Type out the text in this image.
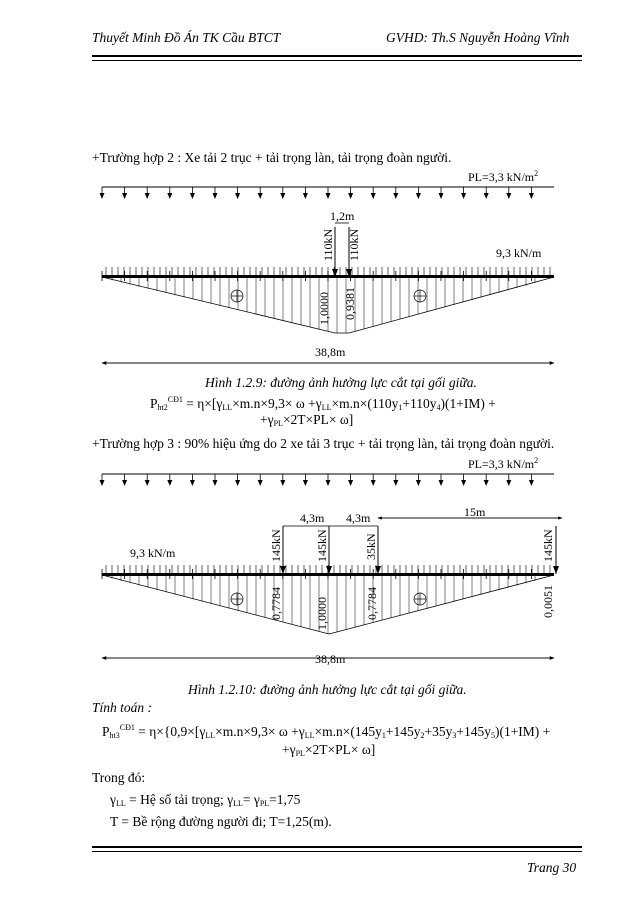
Thuyết Minh Đồ Án TK Cầu BTCT	GVHD: Th.S Nguyễn Hoàng Vĩnh
+Trường hợp 2 : Xe tải 2 trục + tải trọng làn, tải trọng đoàn người.
PL=3,3 $kN/m^2$
110kN 110kN
1,2m
9,3 kN/m
1,0000 0,9381
38,8m
Hình 1.2.9: đường ảnh hưởng lực cắt tại gối giữa.
$P_{ht2}^{CĐ1} = \eta\times[\gamma_{LL}\times m.n\times 9,3\times \omega +\gamma_{LL}\times m.n\times(110y_1+110y_4)(1+IM)$ +
$+\gamma_{PL}\times 2T\times PL\times \omega$]
+Trường hợp 3 : 90% hiệu ứng do 2 xe tải 3 trục + tải trọng làn, tải trọng đoàn người.
PL=3,3 $kN/m^2$
4,3m 4,3m	15m
145kN	145kN	35kN	145kN
9,3 kN/m
0,7784	1,0000	0,7784	0,0051
38,8m
Hình 1.2.10: đường ảnh hưởng lực cắt tại gối giữa.
Tính toán :
$P_{ht3}^{CĐ1} = \eta\times\{0,9\times[\gamma_{LL}\times m.n\times 9,3\times \omega +\gamma_{LL}\times m.n\times(145y_1+145y_2+35y_3+145y_5)(1+IM)$ +
$+\gamma_{PL}\times 2T\times PL\times \omega$]
Trong đó:
$\gamma_{LL}$ = Hệ số tải trọng; $\gamma_{LL}= \gamma_{PL}=1,75$
T = Bề rộng đường người đi; T=1,25(m).
Trang 30
